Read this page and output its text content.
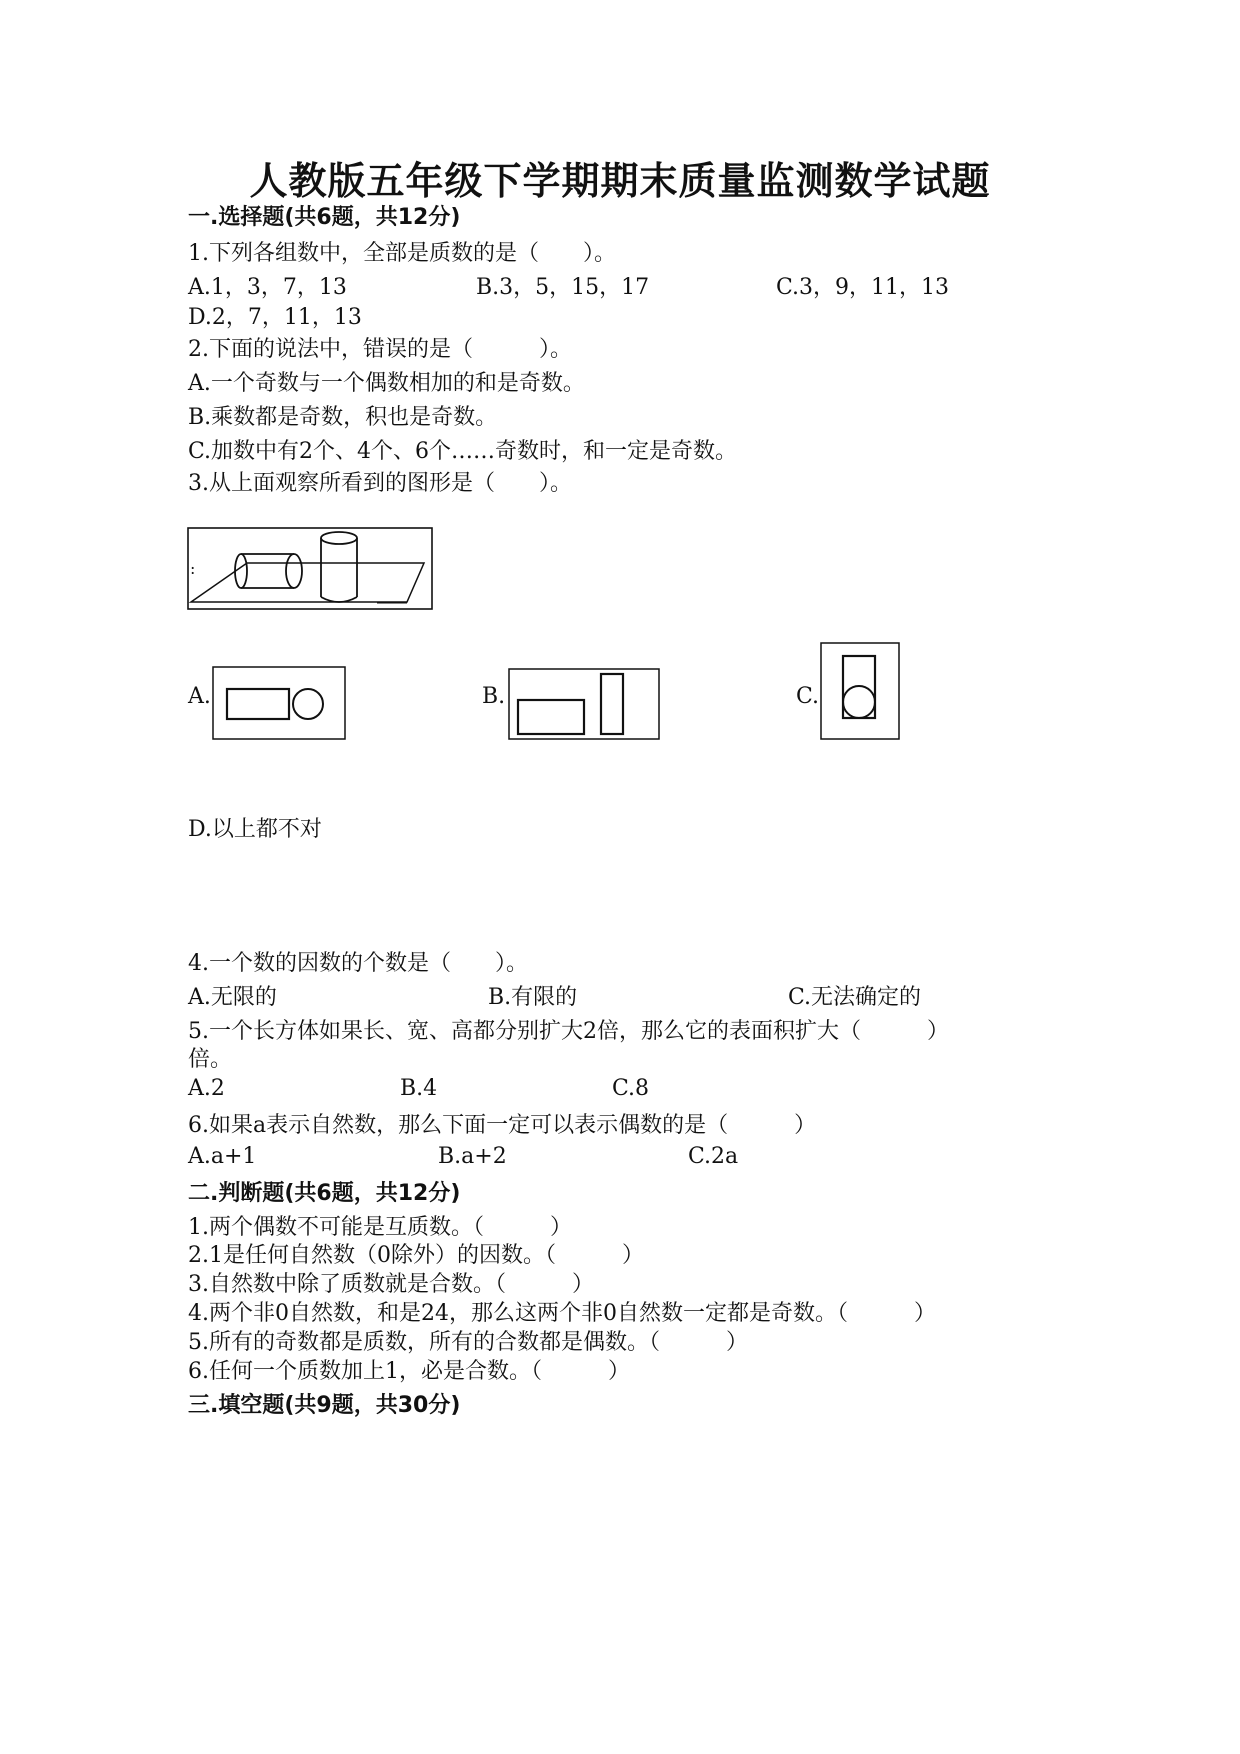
人教版五年级下学期期末质量监测数学试题
一.选择题(共6题，共12分)
1.下列各组数中，全部是质数的是（　　）。
A.1，3，7，13	B.3，5，15，17	C.3，9，11，13
D.2，7，11，13
2.下面的说法中，错误的是（　　　）。
A.一个奇数与一个偶数相加的和是奇数。
B.乘数都是奇数，积也是奇数。
C.加数中有2个、4个、6个……奇数时，和一定是奇数。
3.从上面观察所看到的图形是（　　）。
:
A.	B.	C.
D.以上都不对
4.一个数的因数的个数是（　　）。
A.无限的	B.有限的	C.无法确定的
5.一个长方体如果长、宽、高都分别扩大2倍，那么它的表面积扩大（　　　）
倍。
A.2	B.4	C.8
6.如果a表示自然数，那么下面一定可以表示偶数的是（　　　）
A.a+1	B.a+2	C.2a
二.判断题(共6题，共12分)
1.两个偶数不可能是互质数。（　　　）
2.1是任何自然数（0除外）的因数。（　　　）
3.自然数中除了质数就是合数。（　　　）
4.两个非0自然数，和是24，那么这两个非0自然数一定都是奇数。（　　　）
5.所有的奇数都是质数，所有的合数都是偶数。（　　　）
6.任何一个质数加上1，必是合数。（　　　）
三.填空题(共9题，共30分)
